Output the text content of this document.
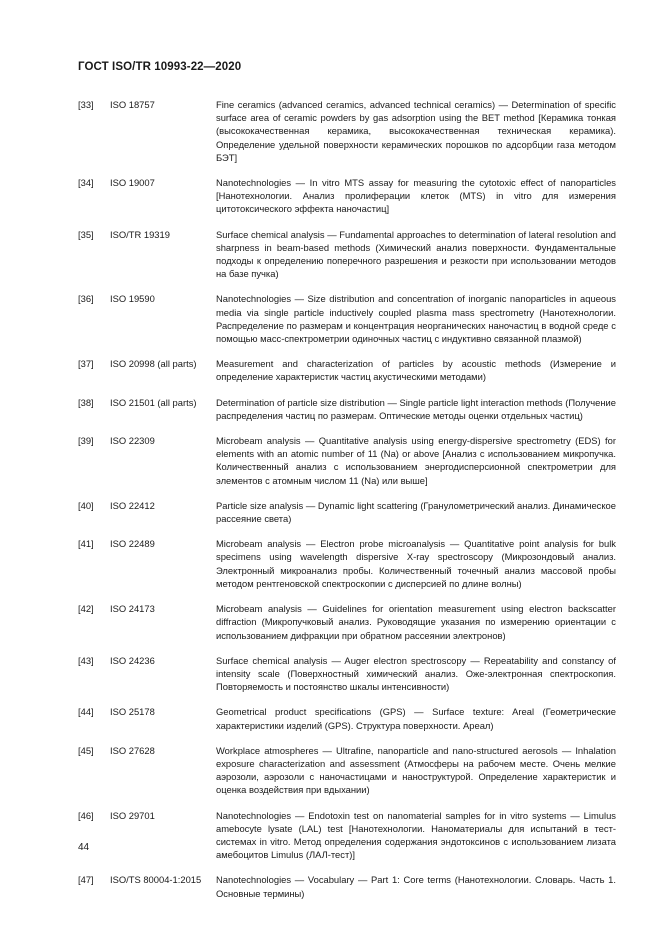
ГОСТ ISO/TR 10993-22—2020
[33]	ISO 18757	Fine ceramics (advanced ceramics, advanced technical ceramics) — Determination of specific surface area of ceramic powders by gas adsorption using the BET method [Керамика тонкая (высококачественная керамика, высококачественная техническая керамика). Определение удельной поверхности керамических порошков по адсорбции газа методом БЭТ]
[34]	ISO 19007	Nanotechnologies — In vitro MTS assay for measuring the cytotoxic effect of nanoparticles [Нанотехнологии. Анализ пролиферации клеток (MTS) in vitro для измерения цитотоксического эффекта наночастиц]
[35]	ISO/TR 19319	Surface chemical analysis — Fundamental approaches to determination of lateral resolution and sharpness in beam-based methods (Химический анализ поверхности. Фундаментальные подходы к определению поперечного разрешения и резкости при использовании методов на базе пучка)
[36]	ISO 19590	Nanotechnologies — Size distribution and concentration of inorganic nanoparticles in aqueous media via single particle inductively coupled plasma mass spectrometry (Нанотехнологии. Распределение по размерам и концентрация неорганических наночастиц в водной среде с помощью масс-спектрометрии одиночных частиц с индуктивно связанной плазмой)
[37]	ISO 20998 (all parts)	Measurement and characterization of particles by acoustic methods (Измерение и определение характеристик частиц акустическими методами)
[38]	ISO 21501 (all parts)	Determination of particle size distribution — Single particle light interaction methods (Получение распределения частиц по размерам. Оптические методы оценки отдельных частиц)
[39]	ISO 22309	Microbeam analysis — Quantitative analysis using energy-dispersive spectrometry (EDS) for elements with an atomic number of 11 (Na) or above [Анализ с использованием микропучка. Количественный анализ с использованием энергодисперсионной спектрометрии для элементов с атомным числом 11 (Na) или выше]
[40]	ISO 22412	Particle size analysis — Dynamic light scattering (Гранулометрический анализ. Динамическое рассеяние света)
[41]	ISO 22489	Microbeam analysis — Electron probe microanalysis — Quantitative point analysis for bulk specimens using wavelength dispersive X-ray spectroscopy (Микрозондовый анализ. Электронный микроанализ пробы. Количественный точечный анализ массовой пробы методом рентгеновской спектроскопии с дисперсией по длине волны)
[42]	ISO 24173	Microbeam analysis — Guidelines for orientation measurement using electron backscatter diffraction (Микропучковый анализ. Руководящие указания по измерению ориентации с использованием дифракции при обратном рассеянии электронов)
[43]	ISO 24236	Surface chemical analysis — Auger electron spectroscopy — Repeatability and constancy of intensity scale (Поверхностный химический анализ. Оже-электронная спектроскопия. Повторяемость и постоянство шкалы интенсивности)
[44]	ISO 25178	Geometrical product specifications (GPS) — Surface texture: Areal (Геометрические характеристики изделий (GPS). Структура поверхности. Ареал)
[45]	ISO 27628	Workplace atmospheres — Ultrafine, nanoparticle and nano-structured aerosols — Inhalation exposure characterization and assessment (Атмосферы на рабочем месте. Очень мелкие аэрозоли, аэрозоли с наночастицами и наноструктурой. Определение характеристик и оценка воздействия при вдыхании)
[46]	ISO 29701	Nanotechnologies — Endotoxin test on nanomaterial samples for in vitro systems — Limulus amebocyte lysate (LAL) test [Нанотехнологии. Наноматериалы для испытаний в тест-системах in vitro. Метод определения содержания эндотоксинов с использованием лизата амебоцитов Limulus (ЛАЛ-тест)]
[47]	ISO/TS 80004-1:2015	Nanotechnologies — Vocabulary — Part 1: Core terms (Нанотехнологии. Словарь. Часть 1. Основные термины)
44
